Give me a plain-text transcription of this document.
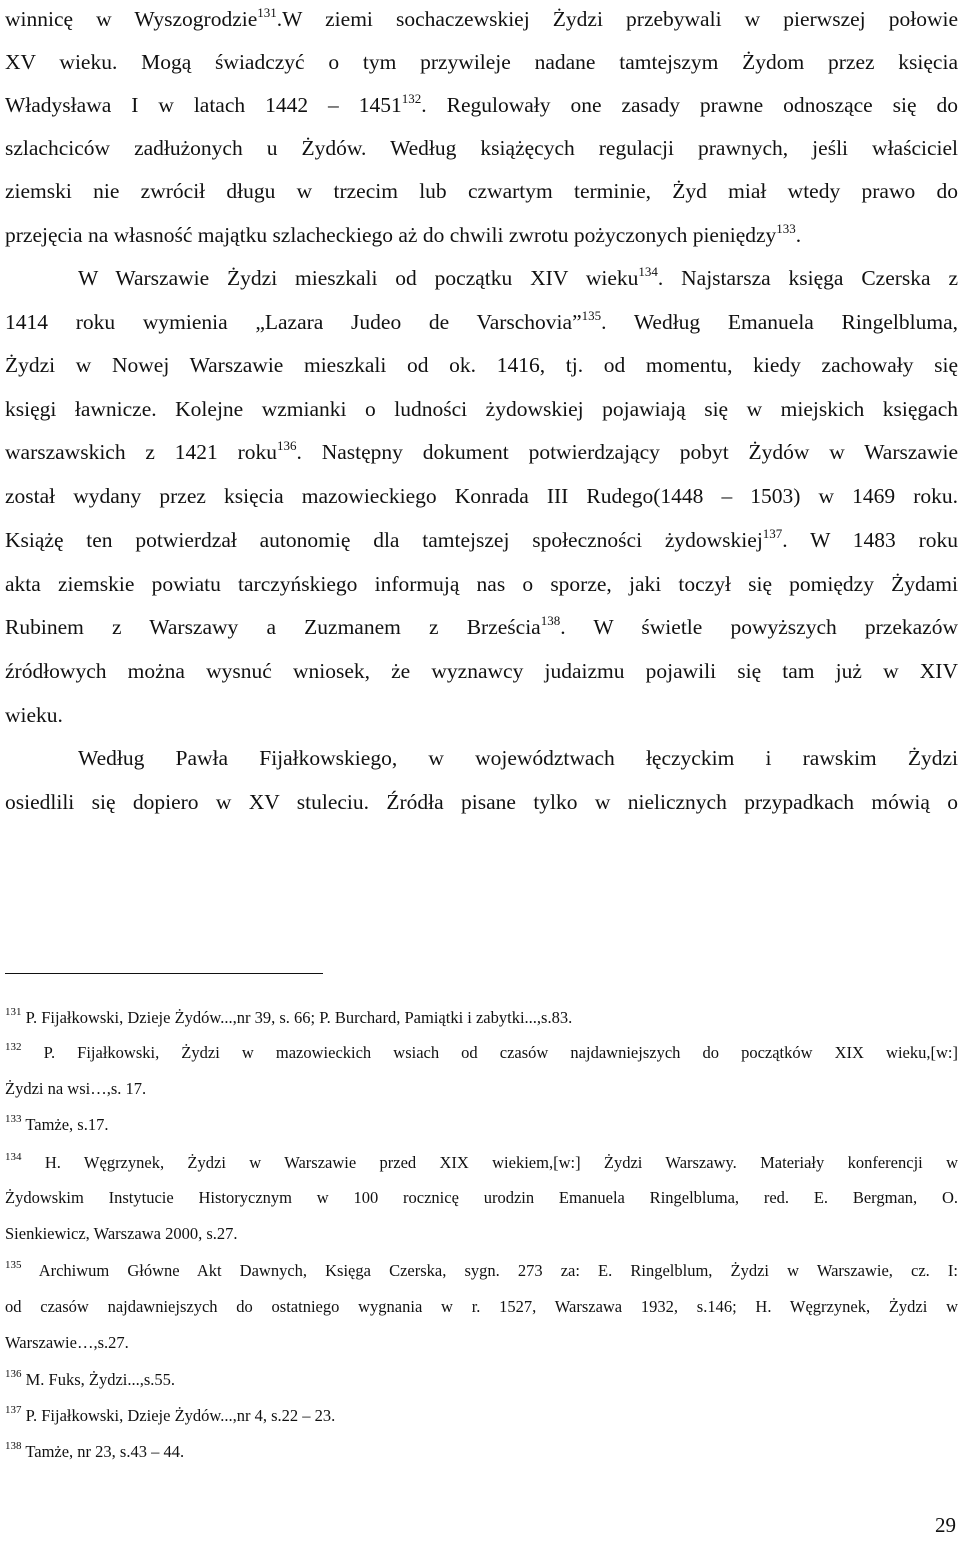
winnicę w Wyszogrodzie$^{131}$.W ziemi sochaczewskiej Żydzi przebywali w pierwszej połowie
XV wieku. Mogą świadczyć o tym przywileje nadane tamtejszym Żydom przez księcia
Władysława I w latach 1442 – 1451$^{132}$. Regulowały one zasady prawne odnoszące się do
szlachciców zadłużonych u Żydów. Według książęcych regulacji prawnych, jeśli właściciel
ziemski nie zwrócił długu w trzecim lub czwartym terminie, Żyd miał wtedy prawo do
przejęcia na własność majątku szlacheckiego aż do chwili zwrotu pożyczonych pieniędzy$^{133}$.
W Warszawie Żydzi mieszkali od początku XIV wieku$^{134}$. Najstarsza księga Czerska z
1414 roku wymienia „Lazara Judeo de Varschovia”$^{135}$. Według Emanuela Ringelbluma,
Żydzi w Nowej Warszawie mieszkali od ok. 1416, tj. od momentu, kiedy zachowały się
księgi ławnicze. Kolejne wzmianki o ludności żydowskiej pojawiają się w miejskich księgach
warszawskich z 1421 roku$^{136}$. Następny dokument potwierdzający pobyt Żydów w Warszawie
został wydany przez księcia mazowieckiego Konrada III Rudego(1448 – 1503) w 1469 roku.
Książę ten potwierdzał autonomię dla tamtejszej społeczności żydowskiej$^{137}$. W 1483 roku
akta ziemskie powiatu tarczyńskiego informują nas o sporze, jaki toczył się pomiędzy Żydami
Rubinem z Warszawy a Zuzmanem z Brześcia$^{138}$. W świetle powyższych przekazów
źródłowych można wysnuć wniosek, że wyznawcy judaizmu pojawili się tam już w XIV
wieku.
Według Pawła Fijałkowskiego, w województwach łęczyckim i rawskim Żydzi
osiedlili się dopiero w XV stuleciu. Źródła pisane tylko w nielicznych przypadkach mówią o
$^{131}$ P. Fijałkowski, Dzieje Żydów...,nr 39, s. 66; P. Burchard, Pamiątki i zabytki...,s.83.
$^{132}$ P. Fijałkowski, Żydzi w mazowieckich wsiach od czasów najdawniejszych do początków XIX wieku,[w:]
Żydzi na wsi…,s. 17.
$^{133}$ Tamże, s.17.
$^{134}$ H. Węgrzynek, Żydzi w Warszawie przed XIX wiekiem,[w:] Żydzi Warszawy. Materiały konferencji w
Żydowskim Instytucie Historycznym w 100 rocznicę urodzin Emanuela Ringelbluma, red. E. Bergman, O.
Sienkiewicz, Warszawa 2000, s.27.
$^{135}$ Archiwum Główne Akt Dawnych, Księga Czerska, sygn. 273 za: E. Ringelblum, Żydzi w Warszawie, cz. I:
od czasów najdawniejszych do ostatniego wygnania w r. 1527, Warszawa 1932, s.146; H. Węgrzynek, Żydzi w
Warszawie…,s.27.
$^{136}$ M. Fuks, Żydzi...,s.55.
$^{137}$ P. Fijałkowski, Dzieje Żydów...,nr 4, s.22 – 23.
$^{138}$ Tamże, nr 23, s.43 – 44.
29
